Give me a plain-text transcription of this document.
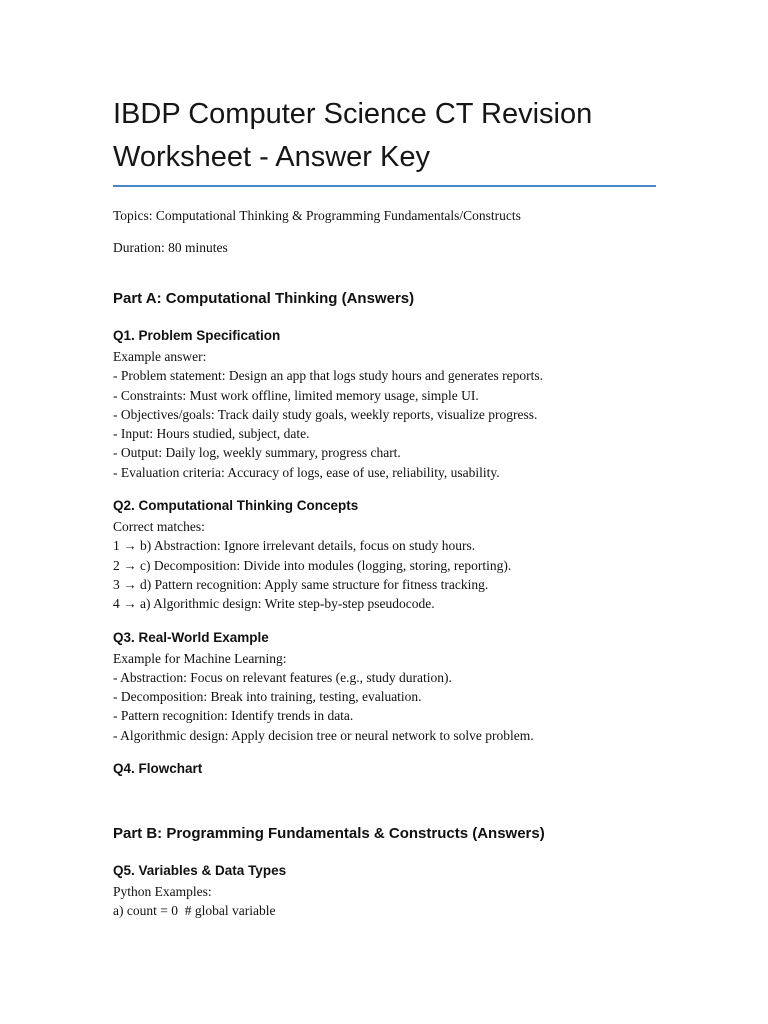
IBDP Computer Science CT Revision
Worksheet - Answer Key

Topics: Computational Thinking & Programming Fundamentals/Constructs

Duration: 80 minutes

Part A: Computational Thinking (Answers)
Q1. Problem Specification

Example answer:

- Problem statement: Design an app that logs study hours and generates reports.

- Constraints: Must work offline, limited memory usage, simple UI.

- Objectives/goals: Track daily study goals, weekly reports, visualize progress.

- Input: Hours studied, subject, date.

- Output: Daily log, weekly summary, progress chart.

- Evaluation criteria: Accuracy of logs, ease of use, reliability, usability.

Q2. Computational Thinking Concepts

Correct matches:

1 → b) Abstraction: Ignore irrelevant details, focus on study hours.

2 → c) Decomposition: Divide into modules (logging, storing, reporting).

3 → d) Pattern recognition: Apply same structure for fitness tracking.

4 → a) Algorithmic design: Write step-by-step pseudocode.

Q3. Real-World Example

Example for Machine Learning:

- Abstraction: Focus on relevant features (e.g., study duration).

- Decomposition: Break into training, testing, evaluation.

- Pattern recognition: Identify trends in data.

- Algorithmic design: Apply decision tree or neural network to solve problem.

Q4. Flowchart
Part B: Programming Fundamentals & Constructs (Answers)
Q5. Variables & Data Types

Python Examples:

a) count = 0  # global variable
